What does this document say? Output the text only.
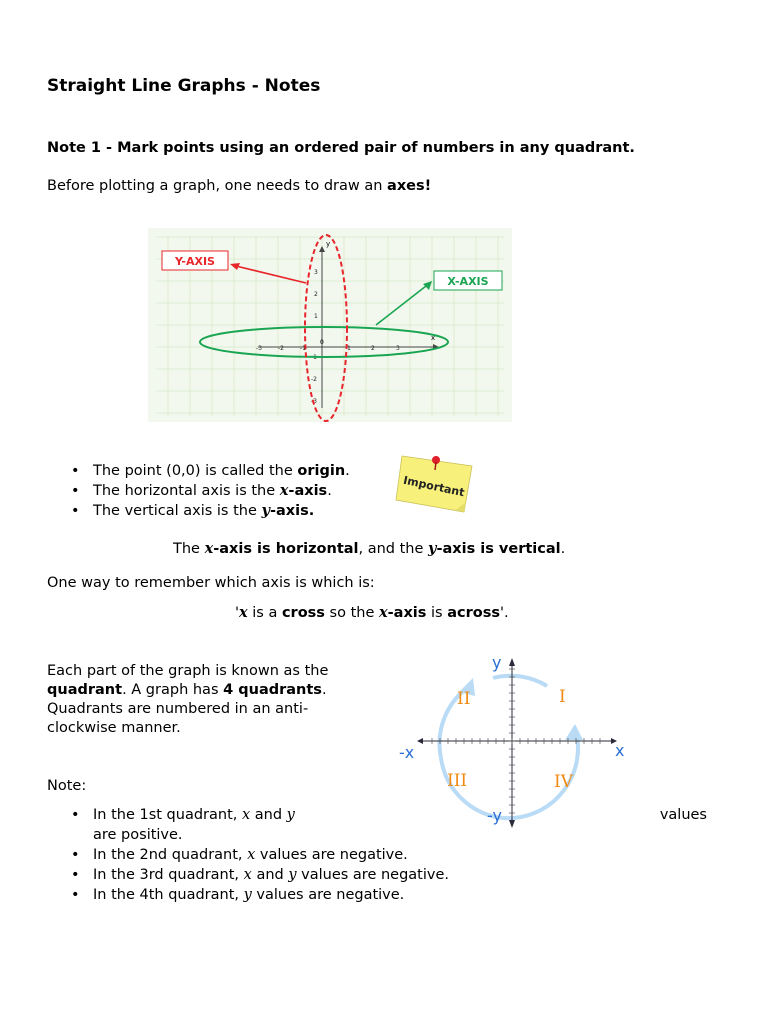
Straight Line Graphs - Notes
Note 1 - Mark points using an ordered pair of numbers in any quadrant.
Before plotting a graph, one needs to draw an axes!
x
y
0
-3	-2	-1	1	2	3
3
2
1
-1
-2
-3
Y-AXIS
X-AXIS
• The point (0,0) is called the origin.
• The horizontal axis is the x-axis.
• The vertical axis is the y-axis.
Important
The x-axis is horizontal, and the y-axis is vertical.
One way to remember which axis is which is:
'x is a cross so the x-axis is across'.
Each part of the graph is known as the
quadrant. A graph has 4 quadrants.
Quadrants are numbered in an anti-
clockwise manner.
y
-x	x
-y
I
II
III	IV
Note:
• In the 1st quadrant, x and y	values
are positive.
• In the 2nd quadrant, x values are negative.
• In the 3rd quadrant, x and y values are negative.
• In the 4th quadrant, y values are negative.
